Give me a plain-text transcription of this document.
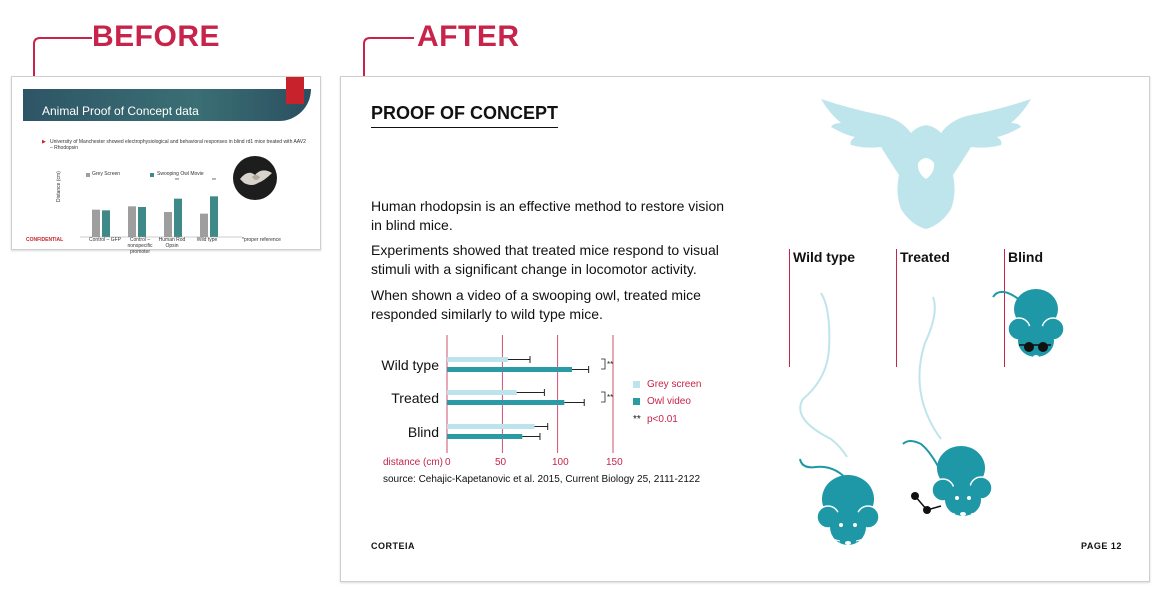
BEFORE	AFTER
Animal Proof of Concept data
▶ University of Manchester showed electrophysiological and behavioral responses in blind rd1 mice treated with AAV2 – Rhodopsin
Grey Screen	Swooping Owl Movie
Distance (cm)
Control – GFP	Control – nonspecific promoter
Human Rod Opsin
Wild type
**	**
CONFIDENTIAL	*proper reference
PROOF OF CONCEPT
Human rhodopsin is an effective method to restore vision in blind mice.
Experiments showed that treated mice respond to visual stimuli with a significant change in locomotor activity.
When shown a video of a swooping owl, treated mice responded similarly to wild type mice.
**
**
Wild type
Treated
Blind
distance (cm) 0	50	100	150
source: Cehajic-Kapetanovic et al. 2015, Current Biology 25, 2111-2122
Grey screen
Owl video
** p<0.01
Wild type	Treated	Blind
CORTEIA	PAGE 12
